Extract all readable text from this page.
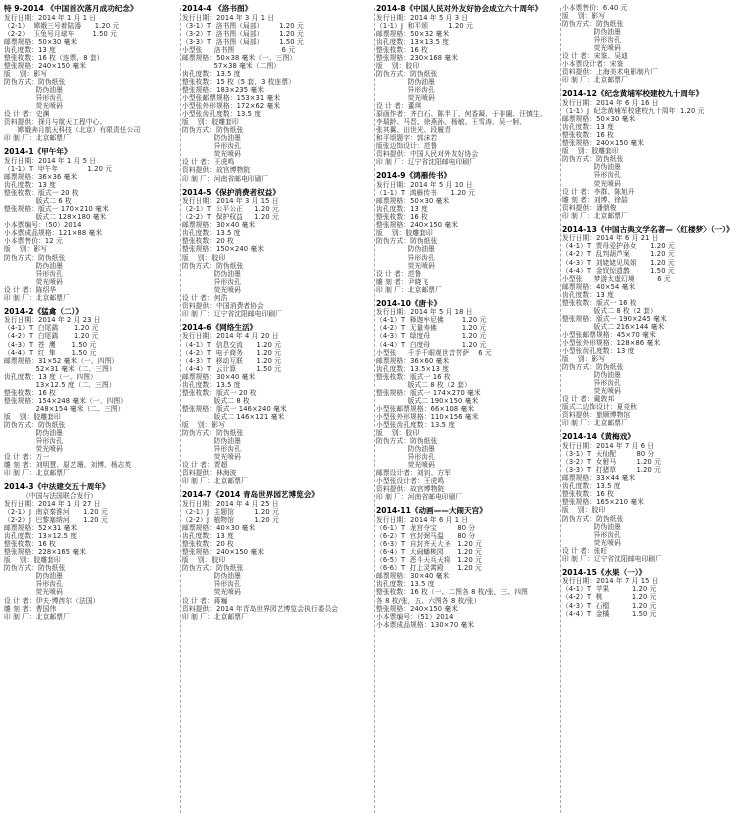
特 9-2014 《中国首次落月成功纪念》
发行日期：2014 年 1 月 1 日
（2-1）  嫦娥三号着陆器      1.20 元
（2-2）  玉兔号月球车        1.50 元
邮票规格：50×30 毫米
齿孔度数：13 度
整张枚数：16 枚（连票，8 套）
整张规格：240×150 毫米
版    别：影写
防伪方式：防伪纸张
防伪油墨
异形齿孔
荧光喷码
设 计 者：史渊
资料提供：探月与航天工程中心、
嫦娥奔月航天科技（北京）有限责任公司
印 制 厂：北京邮票厂
2014-1《甲午年》
发行日期：2014 年 1 月 5 日
（1-1）T  甲午年             1.20 元
邮票规格：36×36 毫米
齿孔度数：13 度
整张枚数：版式一 20 枚
版式二 6 枚
整张规格：版式一 170×210 毫米
版式二 128×180 毫米
小本票编号：（50）2014
小本票成品规格：121×88 毫米
小本票售价：12 元
版    别：影写
防伪方式：防伪纸张
防伪油墨
异形齿孔
荧光喷码
设 计 者：陈绍华
印 制 厂：北京邮票厂
2014-2《猛禽（二）》
发行日期：2014 年 2 月 23 日
（4-1）T  白尾鹞       1.20 元
（4-2）T  白尾鹞       1.20 元
（4-3）T  苍  鹰       1.50 元
（4-4）T  红  隼       1.50 元
邮票规格：31×52 毫米（一、四图）
52×31 毫米（二、三图）
齿孔度数：13 度（一、四图）
13×12.5 度（二、三图）
整张枚数：16 枚
整张规格：154×248 毫米（一、四图）
248×154 毫米（二、三图）
版    别：胶雕套印
防伪方式：防伪纸张
防伪油墨
异形齿孔
荧光喷码
设 计 者：万一
雕 刻 者：刘明慧、原艺珊、刘博、杨志英
印 制 厂：北京邮票厂
2014-3《中法建交五十周年》
（中国与法国联合发行）
发行日期：2014 年 1 月 27 日
（2-1）J  南京秦淮河      1.20 元
（2-2）J  巴黎塞纳河      1.20 元
邮票规格：52×31 毫米
齿孔度数：13×12.5 度
整张枚数：16 枚
整张规格：228×165 毫米
版    别：胶雕套印
防伪方式：防伪纸张
防伪油墨
异形齿孔
荧光喷码
设 计 者：伊夫·博酋尔（法国）
雕 刻 者：曹国伟
印 制 厂：北京邮票厂
2014-4 《洛书图》
发行日期：2014 年 3 月 1 日
（3-1）T  洛书图（局部）       1.20 元
（3-2）T  洛书图（局部）       1.20 元
（3-3）T  洛书图（局部）       1.50 元
小型张     洛书图                     6 元
邮票规格：50×38 毫米（一、三图）
57×38 毫米（二图）
齿孔度数：13.5 度
整张枚数：15 枚（5 套，3 枚连票）
整张规格：183×235 毫米
小型张邮票规格：153×31 毫米
小型张外形规格：172×62 毫米
小型张齿孔度数：13.5 度
版    别：胶雕套印
防伪方式：防伪纸张
防伪油墨
异形齿孔
荧光喷码
设 计 者：王虎鸣
资料提供：故宫博物院
印 制 厂：河南省邮电印刷厂
2014-5《保护消费者权益》
发行日期：2014 年 3 月 15 日
（2-1）T  公平公正     1.20 元
（2-2）T  保护权益     1.20 元
邮票规格：30×40 毫米
齿孔度数：13.5 度
整张枚数：20 枚
整张规格：150×240 毫米
版    别：胶印
防伪方式：防伪纸张
防伪油墨
异形齿孔
荧光喷码
设 计 者：何浩
资料提供：中国消费者协会
印 制 厂：辽宁省沈阳邮电印刷厂
2014-6《网络生活》
发行日期：2014 年 4 月 20 日
（4-1）T  信息交流      1.20 元
（4-2）T  电子商务      1.20 元
（4-3）T  移动互联      1.20 元
（4-4）T  云计算         1.50 元
邮票规格：30×40 毫米
齿孔度数：13.5 度
整张枚数：版式一 20 枚
版式二 8 枚
整张规格：版式一 146×240 毫米
版式二 146×121 毫米
版    别：影写
防伪方式：防伪纸张
防伪油墨
异形齿孔
荧光喷码
设 计 者：贾超
资料提供：林海波
印 制 厂：北京邮票厂
2014-7《2014 青岛世界园艺博览会》
发行日期：2014 年 4 月 25 日
（2-1）J  主题馆         1.20 元
（2-2）J  植物馆         1.20 元
邮票规格：40×30 毫米
齿孔度数：13 度
整张枚数：20 枚
整张规格：240×150 毫米
版    别：胶印
防伪方式：防伪纸张
防伪油墨
异形齿孔
荧光喷码
设 计 者：蒋巍
资料提供：2014 年青岛世界园艺博览会执行委员会
印 制 厂：北京邮票厂
2014-8《中国人民对外友好协会成立六十周年》
发行日期：2014 年 5 月 3 日
（1-1）J  和平颂         1.20 元
邮票规格：50×32 毫米
齿孔度数：13×13.5 度
整张枚数：16 枚
整张规格：230×168 毫米
版    别：胶印
防伪方式：防伪纸张
防伪油墨
异形齿孔
荧光喷码
设 计 者：董琪
原画作者：齐白石、陈半丁、何香凝、于非闇、汪慎生、
李瑞龄、马晋、徐燕孙、杨敏、王雪涛、吴一舸、
张其翼、田世光、段履青
和平颂题字：郭沫若
版张边饰设计：范鲁
资料提供：中国人民对外友好协会
印 制 厂：辽宁省沈阳邮电印刷厂
2014-9《鸿雁传书》
发行日期：2014 年 5 月 10 日
（1-1）T  鸿雁传书      1.20 元
邮票规格：50×30 毫米
齿孔度数：13 度
整张枚数：16 枚
整张规格：240×150 毫米
版    别：胶雕套印
防伪方式：防伪纸张
防伪油墨
异形齿孔
荧光喷码
设 计 者：范鲁
雕 刻 者：尹晓飞
印 制 厂：北京邮票厂
2014-10《唐卡》
发行日期：2014 年 5 月 18 日
（4-1）T  释迦牟尼佛        1.20 元
（4-2）T  无量寿佛           1.20 元
（4-3）T  绿度母              1.20 元
（4-4）T  白度母              1.20 元
小型张     千手千眼观世音菩萨    6 元
邮票规格：36×60 毫米
齿孔度数：13.5×13 度
整张枚数：版式一 16 枚
版式二 8 枚（2 套）
整张规格：版式一 174×270 毫米
版式二 190×150 毫米
小型张邮票规格：66×108 毫米
小型张外形规格：110×156 毫米
小型张齿孔度数：13.5 度
版    别：胶印
防伪方式：防伪纸张
防伪油墨
异形齿孔
荧光喷码
邮票设计者：刘钊、方军
小型张设计者：王虎鸣
资料提供：故宫博物院
印 制 厂：河南省邮电印刷厂
2014-11《动画——大闹天宫》
发行日期：2014 年 6 月 1 日
（6-1）T  龙宫夺宝         80 分
（6-2）T  官封弼马温      80 分
（6-3）T  自封齐天大圣   1.20 元
（6-4）T  大闹蟠桃园      1.20 元
（6-5）T  恶斗天兵天将   1.20 元
（6-6）T  打上灵霄殿      1.20 元
邮票规格：30×40 毫米
齿孔度数：13.5 度
整张枚数：16 枚（一、二图各 8 枚/张，三、四图
各 8 枚/张，五、六图各 8 枚/张）
整张规格：240×150 毫米
小本票编号：（51）2014
小本票成品规格：130×70 毫米
小本票售价：6.40 元
版    别：影写
防伪方式：防伪纸张
防伪油墨
异形齿孔
荧光喷码
设 计 者：宋鉴、吴迪
小本票设计者：宋鉴
资料提供：上海美术电影制片厂
印 制 厂：北京邮票厂
2014-12《纪念黄埔军校建校九十周年》
发行日期：2014 年 6 月 16 日
（1-1）J  纪念黄埔军校建校九十周年  1.20 元
邮票规格：50×30 毫米
齿孔度数：13 度
整张枚数：16 枚
整张规格：240×150 毫米
版    别：胶雕套印
防伪方式：防伪纸张
防伪油墨
异形齿孔
荧光喷码
设 计 者：李群、陈旭升
雕 刻 者：刘博、徐喆
资料提供：潘鼎俊
印 制 厂：北京邮票厂
2014-13《中国古典文学名著—〈红楼梦〉（一）》
发行日期：2014 年 6 月 21 日
（4-1）T  贾母爱护孙女      1.20 元
（4-2）T  乱判葫芦案         1.20 元
（4-3）T  刘姥姥见凤姐      1.20 元
（4-4）T  金钗惊遗鹊         1.50 元
小型张     梦游太虚幻境          6 元
邮票规格：40×54 毫米
齿孔度数：13 度
整张枚数：版式一 16 枚
版式二 8 枚（2 套）
整张规格：版式一 190×245 毫米
版式二 216×144 毫米
小型张邮票规格：45×70 毫米
小型张外形规格：128×86 毫米
小型张齿孔度数：13 度
版    别：影写
防伪方式：防伪纸张
防伪油墨
异形齿孔
荧光喷码
设 计 者：戴敦邦
版式二边饰设计：夏竞秋
资料提供：旅顺博物馆
印 制 厂：北京邮票厂
2014-14《黄梅戏》
发行日期：2014 年 7 月 6 日
（3-1）T  天仙配         80 分
（3-2）T  女驸马         1.20 元
（3-3）T  打猪草         1.20 元
邮票规格：33×44 毫米
齿孔度数：13.5 度
整张枚数：16 枚
整张规格：165×210 毫米
版    别：胶印
防伪方式：防伪纸张
防伪油墨
异形齿孔
荧光喷码
设 计 者：张旺
印 制 厂：辽宁省沈阳邮电印刷厂
2014-15《水果（一）》
发行日期：2014 年 7 月 15 日
（4-1）T  苹果          1.20 元
（4-2）T  桃             1.20 元
（4-3）T  石榴          1.20 元
（4-4）T  金橘          1.50 元
